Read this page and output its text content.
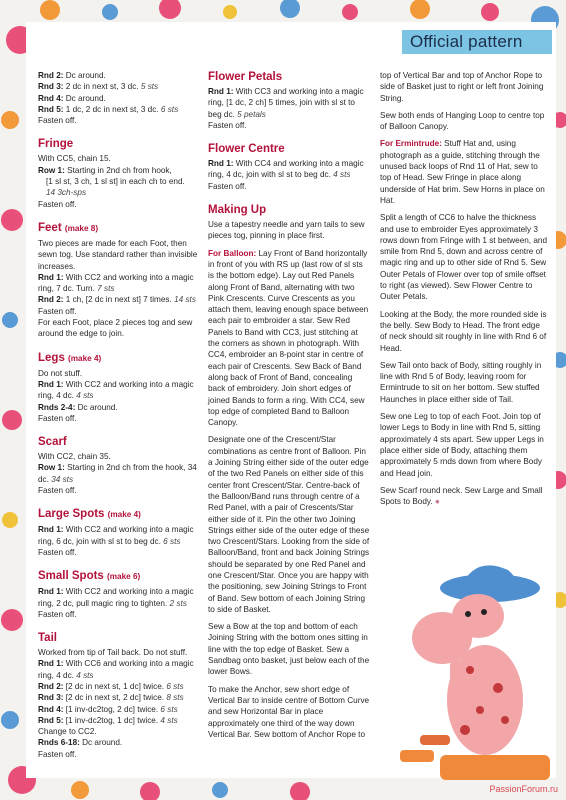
Official pattern

Rnd 2: Dc around.

Rnd 3: 2 dc in next st, 3 dc. 5 sts

Rnd 4: Dc around.

Rnd 5: 1 dc, 2 dc in next st, 3 dc. 6 sts

Fasten off.

Fringe

With CC5, chain 15.

Row 1: Starting in 2nd ch from hook,

[1 sl st, 3 ch, 1 sl st] in each ch to end.

14 3ch-sps

Fasten off.

Feet (make 8)

Two pieces are made for each Foot, then sewn tog. Use standard rather than invisible increases.

Rnd 1: With CC2 and working into a magic ring, 7 dc. Turn. 7 sts

Rnd 2: 1 ch, [2 dc in next st] 7 times. 14 sts

Fasten off.

For each Foot, place 2 pieces tog and sew around the edge to join.

Legs (make 4)

Do not stuff.

Rnd 1: With CC2 and working into a magic ring, 4 dc. 4 sts

Rnds 2-4: Dc around.

Fasten off.

Scarf

With CC2, chain 35.

Row 1: Starting in 2nd ch from the hook, 34 dc. 34 sts

Fasten off.

Large Spots (make 4)

Rnd 1: With CC2 and working into a magic ring, 6 dc, join with sl st to beg dc. 6 sts

Fasten off.

Small Spots (make 6)

Rnd 1: With CC2 and working into a magic ring, 2 dc, pull magic ring to tighten. 2 sts

Fasten off.

Tail

Worked from tip of Tail back. Do not stuff.

Rnd 1: With CC6 and working into a magic ring, 4 dc. 4 sts

Rnd 2: [2 dc in next st, 1 dc] twice. 6 sts

Rnd 3: [2 dc in next st, 2 dc] twice. 8 sts

Rnd 4: [1 inv-dc2tog, 2 dc] twice. 6 sts

Rnd 5: [1 inv-dc2tog, 1 dc] twice. 4 sts

Change to CC2.

Rnds 6-18: Dc around.

Fasten off.

Flower Petals

Rnd 1: With CC3 and working into a magic ring, [1 dc, 2 ch] 5 times, join with sl st to beg dc. 5 petals

Fasten off.

Flower Centre

Rnd 1: With CC4 and working into a magic ring, 4 dc, join with sl st to beg dc. 4 sts

Fasten off.

Making Up

Use a tapestry needle and yarn tails to sew pieces tog, pinning in place first.

For Balloon: Lay Front of Band horizontally in front of you with RS up (last row of sl sts is the bottom edge). Lay out Red Panels along Front of Band, alternating with two Pink Crescents. Curve Crescents as you attach them, leaving enough space between each pair to embroider a star. Sew Red Panels to Band with CC3, just stitching at the corners as shown in photograph. With CC4, embroider an 8-point star in centre of each pair of Crescents. Sew Back of Band along back of Front of Band, concealing back of embroidery. Join short edges of joined Bands to form a ring. With CC4, sew top edge of completed Band to Balloon Canopy.

Designate one of the Crescent/Star combinations as centre front of Balloon. Pin a Joining String either side of the outer edge of the two Red Panels on either side of this center front Crescent/Star. Centre-back of the Balloon/Band runs through centre of a Red Panel, with a pair of Crescents/Star either side of it. Pin the other two Joining Strings either side of the outer edge of these two Crescent/Stars. Looking from the side of Balloon/Band, front and back Joining Strings should be separated by one Red Panel and one Crescent/Star. Once you are happy with the positioning, sew Joining Strings to Front of Band. Sew bottom of each Joining String to side of Basket.

Sew a Bow at the top and bottom of each Joining String with the bottom ones sitting in line with the top edge of Basket. Sew a Sandbag onto basket, just below each of the lower Bows.

To make the Anchor, sew short edge of Vertical Bar to inside centre of Bottom Curve and sew Horizontal Bar in place approximately one third of the way down Vertical Bar. Sew bottom of Anchor Rope to

top of Vertical Bar and top of Anchor Rope to side of Basket just to right or left front Joining String.

Sew both ends of Hanging Loop to centre top of Balloon Canopy.

For Ermintrude: Stuff Hat and, using photograph as a guide, stitching through the unused back loops of Rnd 11 of Hat, sew to top of Head. Sew Fringe in place along underside of Hat brim. Sew Horns in place on Hat.

Split a length of CC6 to halve the thickness and use to embroider Eyes approximately 3 rows down from Fringe with 1 st between, and smile from Rnd 5, down and across centre of magic ring and up to other side of Rnd 5. Sew Outer Petals of Flower over top of smile offset to right (as viewed). Sew Flower Centre to Outer Petals.

Looking at the Body, the more rounded side is the belly. Sew Body to Head. The front edge of neck should sit roughly in line with Rnd 6 of Head.

Sew Tail onto back of Body, sitting roughly in line with Rnd 5 of Body, leaving room for Ermintrude to sit on her bottom. Sew stuffed Haunches in place either side of Tail.

Sew one Leg to top of each Foot. Join top of lower Legs to Body in line with Rnd 5, sitting approximately 4 sts apart. Sew upper Legs in place either side of Body, attaching them approximately 5 rnds down from where Body and Head join.

Sew Scarf round neck. Sew Large and Small Spots to Body. ●

PassionForum.ru
